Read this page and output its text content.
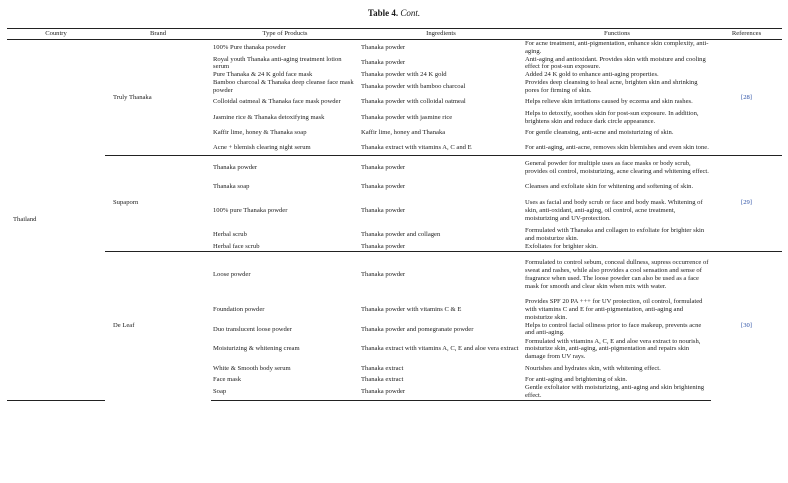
Table 4. Cont.
Country	Brand	Type of Products	Ingredients	Functions	References
Thailand	Truly Thanaka	100% Pure thanaka powder	Thanaka powder	For acne treatment, anti-pigmentation, enhance skin complexity, anti-aging.	[28]
		Royal youth Thanaka anti-aging treatment lotion serum	Thanaka powder	Anti-aging and antioxidant. Provides skin with moisture and cooling effect for post-sun exposure.	
		Pure Thanaka & 24 K gold face mask	Thanaka powder with 24 K gold	Added 24 K gold to enhance anti-aging properties.	
		Bamboo charcoal & Thanaka deep cleanse face mask powder	Thanaka powder with bamboo charcoal	Provides deep cleansing to heal acne, brighten skin and shrinking pores for firming of skin.	
		Colloidal oatmeal & Thanaka face mask powder	Thanaka powder with colloidal oatmeal	Helps relieve skin irritations caused by eczema and skin rashes.	
		Jasmine rice & Thanaka detoxifying mask	Thanaka powder with jasmine rice	Helps to detoxify, soothes skin for post-sun exposure. In addition, brightens skin and reduce dark circle appearance.	
		Kaffir lime, honey & Thanaka soap	Kaffir lime, honey and Thanaka	For gentle cleansing, anti-acne and moisturizing of skin.	
		Acne + blemish clearing night serum	Thanaka extract with vitamins A, C and E	For anti-aging, anti-acne, removes skin blemishes and even skin tone.	
	Supaporn	Thanaka powder	Thanaka powder	General powder for multiple uses as face masks or body scrub, provides oil control, moisturizing, acne clearing and whitening effect.	[29]
		Thanaka soap	Thanaka powder	Cleanses and exfoliate skin for whitening and softening of skin.	
		100% pure Thanaka powder	Thanaka powder	Uses as facial and body scrub or face and body mask. Whitening of skin, anti-oxidant, anti-aging, oil control, acne treatment, moisturizing and UV-protection.	
		Herbal scrub	Thanaka powder and collagen	Formulated with Thanaka and collagen to exfoliate for brighter skin and moisturize skin.	
		Herbal face scrub	Thanaka powder	Exfoliates for brighter skin.	
	De Leaf	Loose powder	Thanaka powder	Formulated to control sebum, conceal dullness, supress occurrence of sweat and rashes, while also provides a cool sensation and sense of fragrance when used. The loose powder can also be used as a face mask for smooth and clear skin when mix with water.	[30]
		Foundation powder	Thanaka powder with vitamins C & E	Provides SPF 20 PA +++ for UV protection, oil control, formulated with vitamins C and E for anti-pigmentation, anti-aging and moisturize skin.	
		Duo translucent loose powder	Thanaka powder and pomegranate powder	Helps to control facial oiliness prior to face makeup, prevents acne and anti-aging.	
		Moisturizing & whitening cream	Thanaka extract with vitamins A, C, E and aloe vera extract	Formulated with vitamins A, C, E and aloe vera extract to nourish, moisturize skin, anti-aging, anti-pigmentation and repairs skin damage from UV rays.	
		White & Smooth body serum	Thanaka extract	Nourishes and hydrates skin, with whitening effect.	
		Face mask	Thanaka extract	For anti-aging and brightening of skin.	
		Soap	Thanaka powder	Gentle exfoliator with moisturizing, anti-aging and skin brightening effect.	
